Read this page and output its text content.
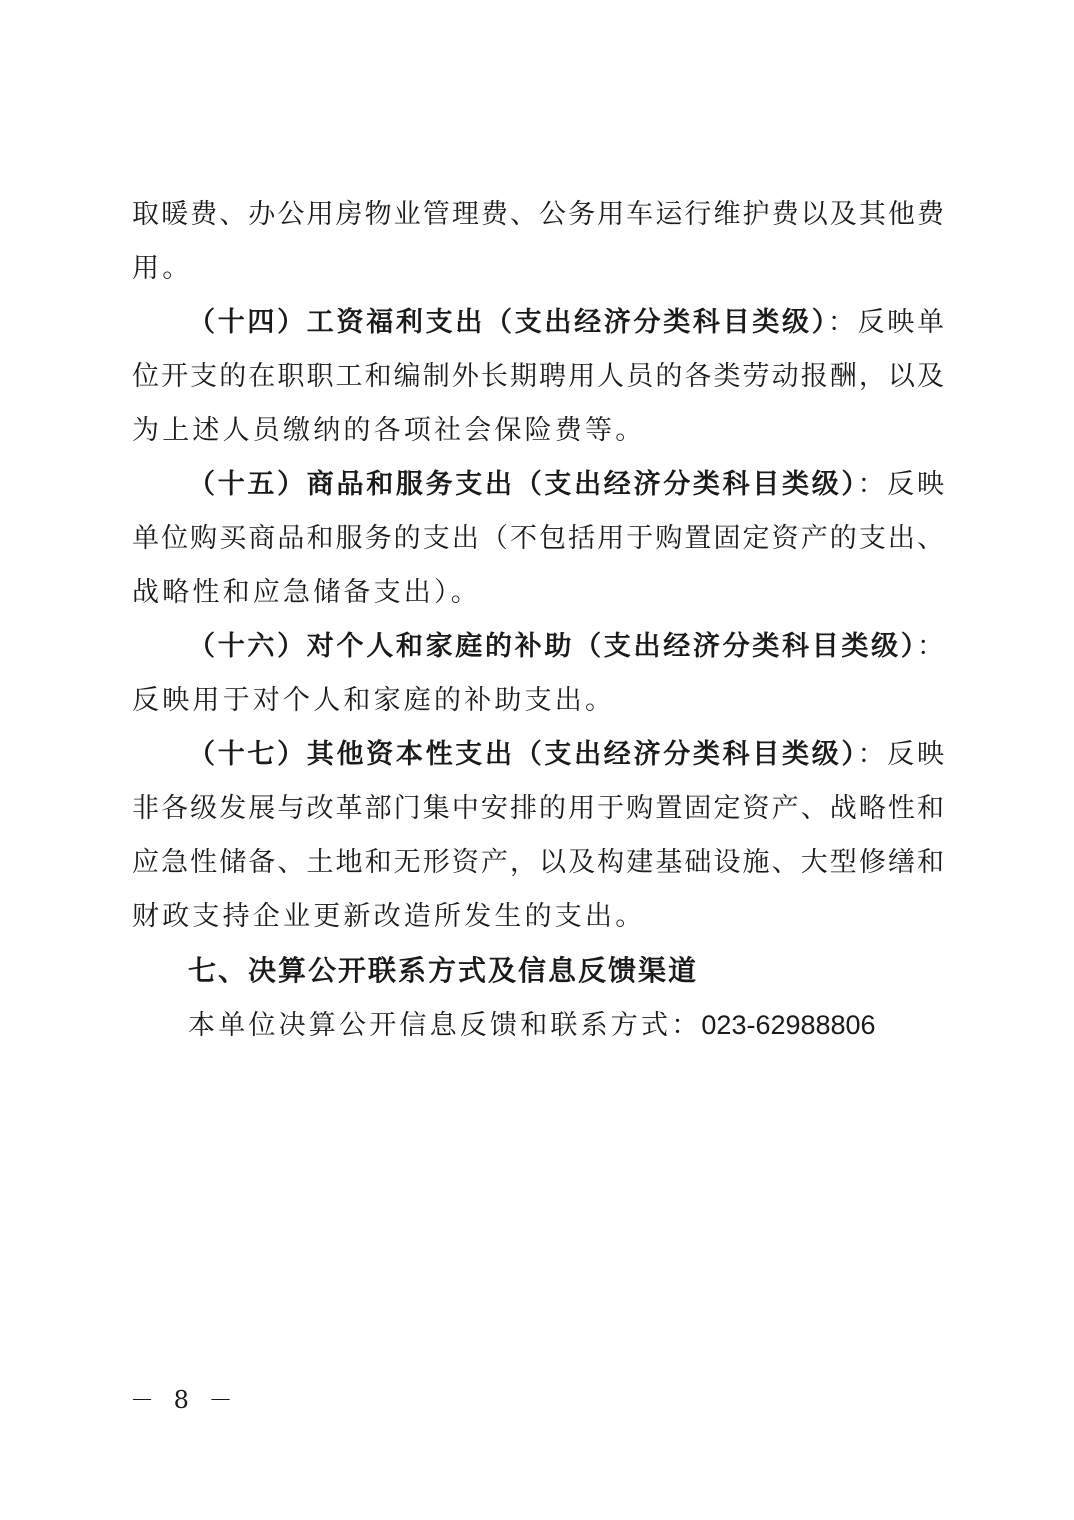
取暖费、办公用房物业管理费、公务用车运行维护费以及其他费
用。
（十四）工资福利支出（支出经济分类科目类级）：反映单
位开支的在职职工和编制外长期聘用人员的各类劳动报酬，以及
为上述人员缴纳的各项社会保险费等。
（十五）商品和服务支出（支出经济分类科目类级）：反映
单位购买商品和服务的支出（不包括用于购置固定资产的支出、
战略性和应急储备支出）。
（十六）对个人和家庭的补助（支出经济分类科目类级）：
反映用于对个人和家庭的补助支出。
（十七）其他资本性支出（支出经济分类科目类级）：反映
非各级发展与改革部门集中安排的用于购置固定资产、战略性和
应急性储备、土地和无形资产，以及构建基础设施、大型修缮和
财政支持企业更新改造所发生的支出。
七、决算公开联系方式及信息反馈渠道
本单位决算公开信息反馈和联系方式：023-62988806
－ 8 －
